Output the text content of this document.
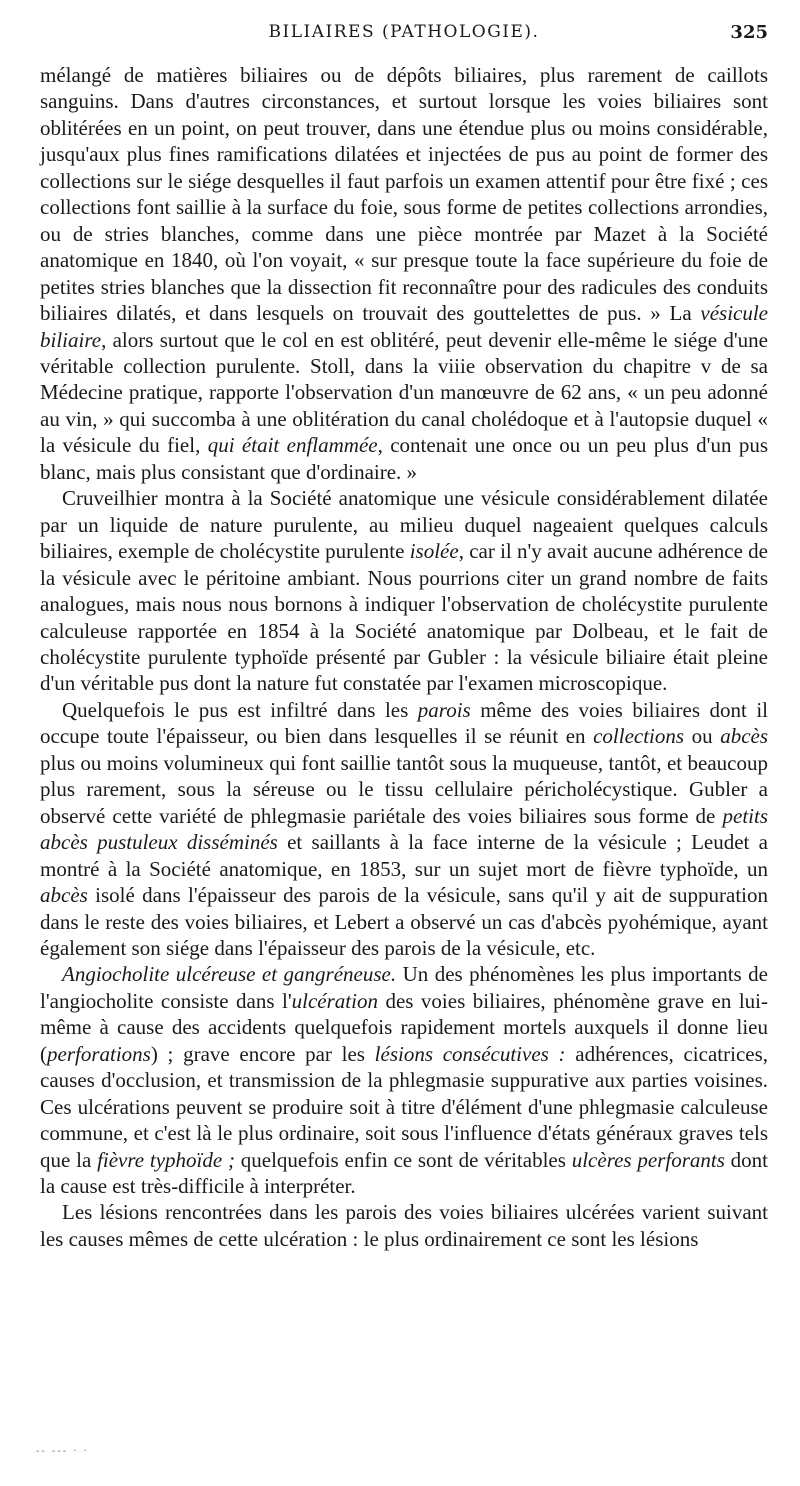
BILIAIRES (PATHOLOGIE).	325

mélangé de matières biliaires ou de dépôts biliaires, plus rarement de caillots sanguins. Dans d'autres circonstances, et surtout lorsque les voies biliaires sont oblitérées en un point, on peut trouver, dans une étendue plus ou moins considérable, jusqu'aux plus fines ramifications dilatées et injectées de pus au point de former des collections sur le siége desquelles il faut parfois un examen attentif pour être fixé ; ces collections font saillie à la surface du foie, sous forme de petites collections arrondies, ou de stries blanches, comme dans une pièce montrée par Mazet à la Société anatomique en 1840, où l'on voyait, « sur presque toute la face supérieure du foie de petites stries blanches que la dissection fit reconnaître pour des radicules des conduits biliaires dilatés, et dans lesquels on trouvait des gouttelettes de pus. » La vésicule biliaire, alors surtout que le col en est oblitéré, peut devenir elle-même le siége d'une véritable collection purulente. Stoll, dans la viiie observation du chapitre v de sa Médecine pratique, rapporte l'observation d'un manœuvre de 62 ans, « un peu adonné au vin, » qui succomba à une oblitération du canal cholédoque et à l'autopsie duquel « la vésicule du fiel, qui était enflammée, contenait une once ou un peu plus d'un pus blanc, mais plus consistant que d'ordinaire. »

Cruveilhier montra à la Société anatomique une vésicule considérablement dilatée par un liquide de nature purulente, au milieu duquel nageaient quelques calculs biliaires, exemple de cholécystite purulente isolée, car il n'y avait aucune adhérence de la vésicule avec le péritoine ambiant. Nous pourrions citer un grand nombre de faits analogues, mais nous nous bornons à indiquer l'observation de cholécystite purulente calculeuse rapportée en 1854 à la Société anatomique par Dolbeau, et le fait de cholécystite purulente typhoïde présenté par Gubler : la vésicule biliaire était pleine d'un véritable pus dont la nature fut constatée par l'examen microscopique.

Quelquefois le pus est infiltré dans les parois même des voies biliaires dont il occupe toute l'épaisseur, ou bien dans lesquelles il se réunit en collections ou abcès plus ou moins volumineux qui font saillie tantôt sous la muqueuse, tantôt, et beaucoup plus rarement, sous la séreuse ou le tissu cellulaire péricholécystique. Gubler a observé cette variété de phlegmasie pariétale des voies biliaires sous forme de petits abcès pustuleux disséminés et saillants à la face interne de la vésicule ; Leudet a montré à la Société anatomique, en 1853, sur un sujet mort de fièvre typhoïde, un abcès isolé dans l'épaisseur des parois de la vésicule, sans qu'il y ait de suppuration dans le reste des voies biliaires, et Lebert a observé un cas d'abcès pyohémique, ayant également son siége dans l'épaisseur des parois de la vésicule, etc.

Angiocholite ulcéreuse et gangréneuse. Un des phénomènes les plus importants de l'angiocholite consiste dans l'ulcération des voies biliaires, phénomène grave en lui-même à cause des accidents quelquefois rapidement mortels auxquels il donne lieu (perforations) ; grave encore par les lésions consécutives : adhérences, cicatrices, causes d'occlusion, et transmission de la phlegmasie suppurative aux parties voisines. Ces ulcérations peuvent se produire soit à titre d'élément d'une phlegmasie calculeuse commune, et c'est là le plus ordinaire, soit sous l'influence d'états généraux graves tels que la fièvre typhoïde ; quelquefois enfin ce sont de véritables ulcères perforants dont la cause est très-difficile à interpréter.

Les lésions rencontrées dans les parois des voies biliaires ulcérées varient suivant les causes mêmes de cette ulcération : le plus ordinairement ce sont les lésions

-- --- · ·
